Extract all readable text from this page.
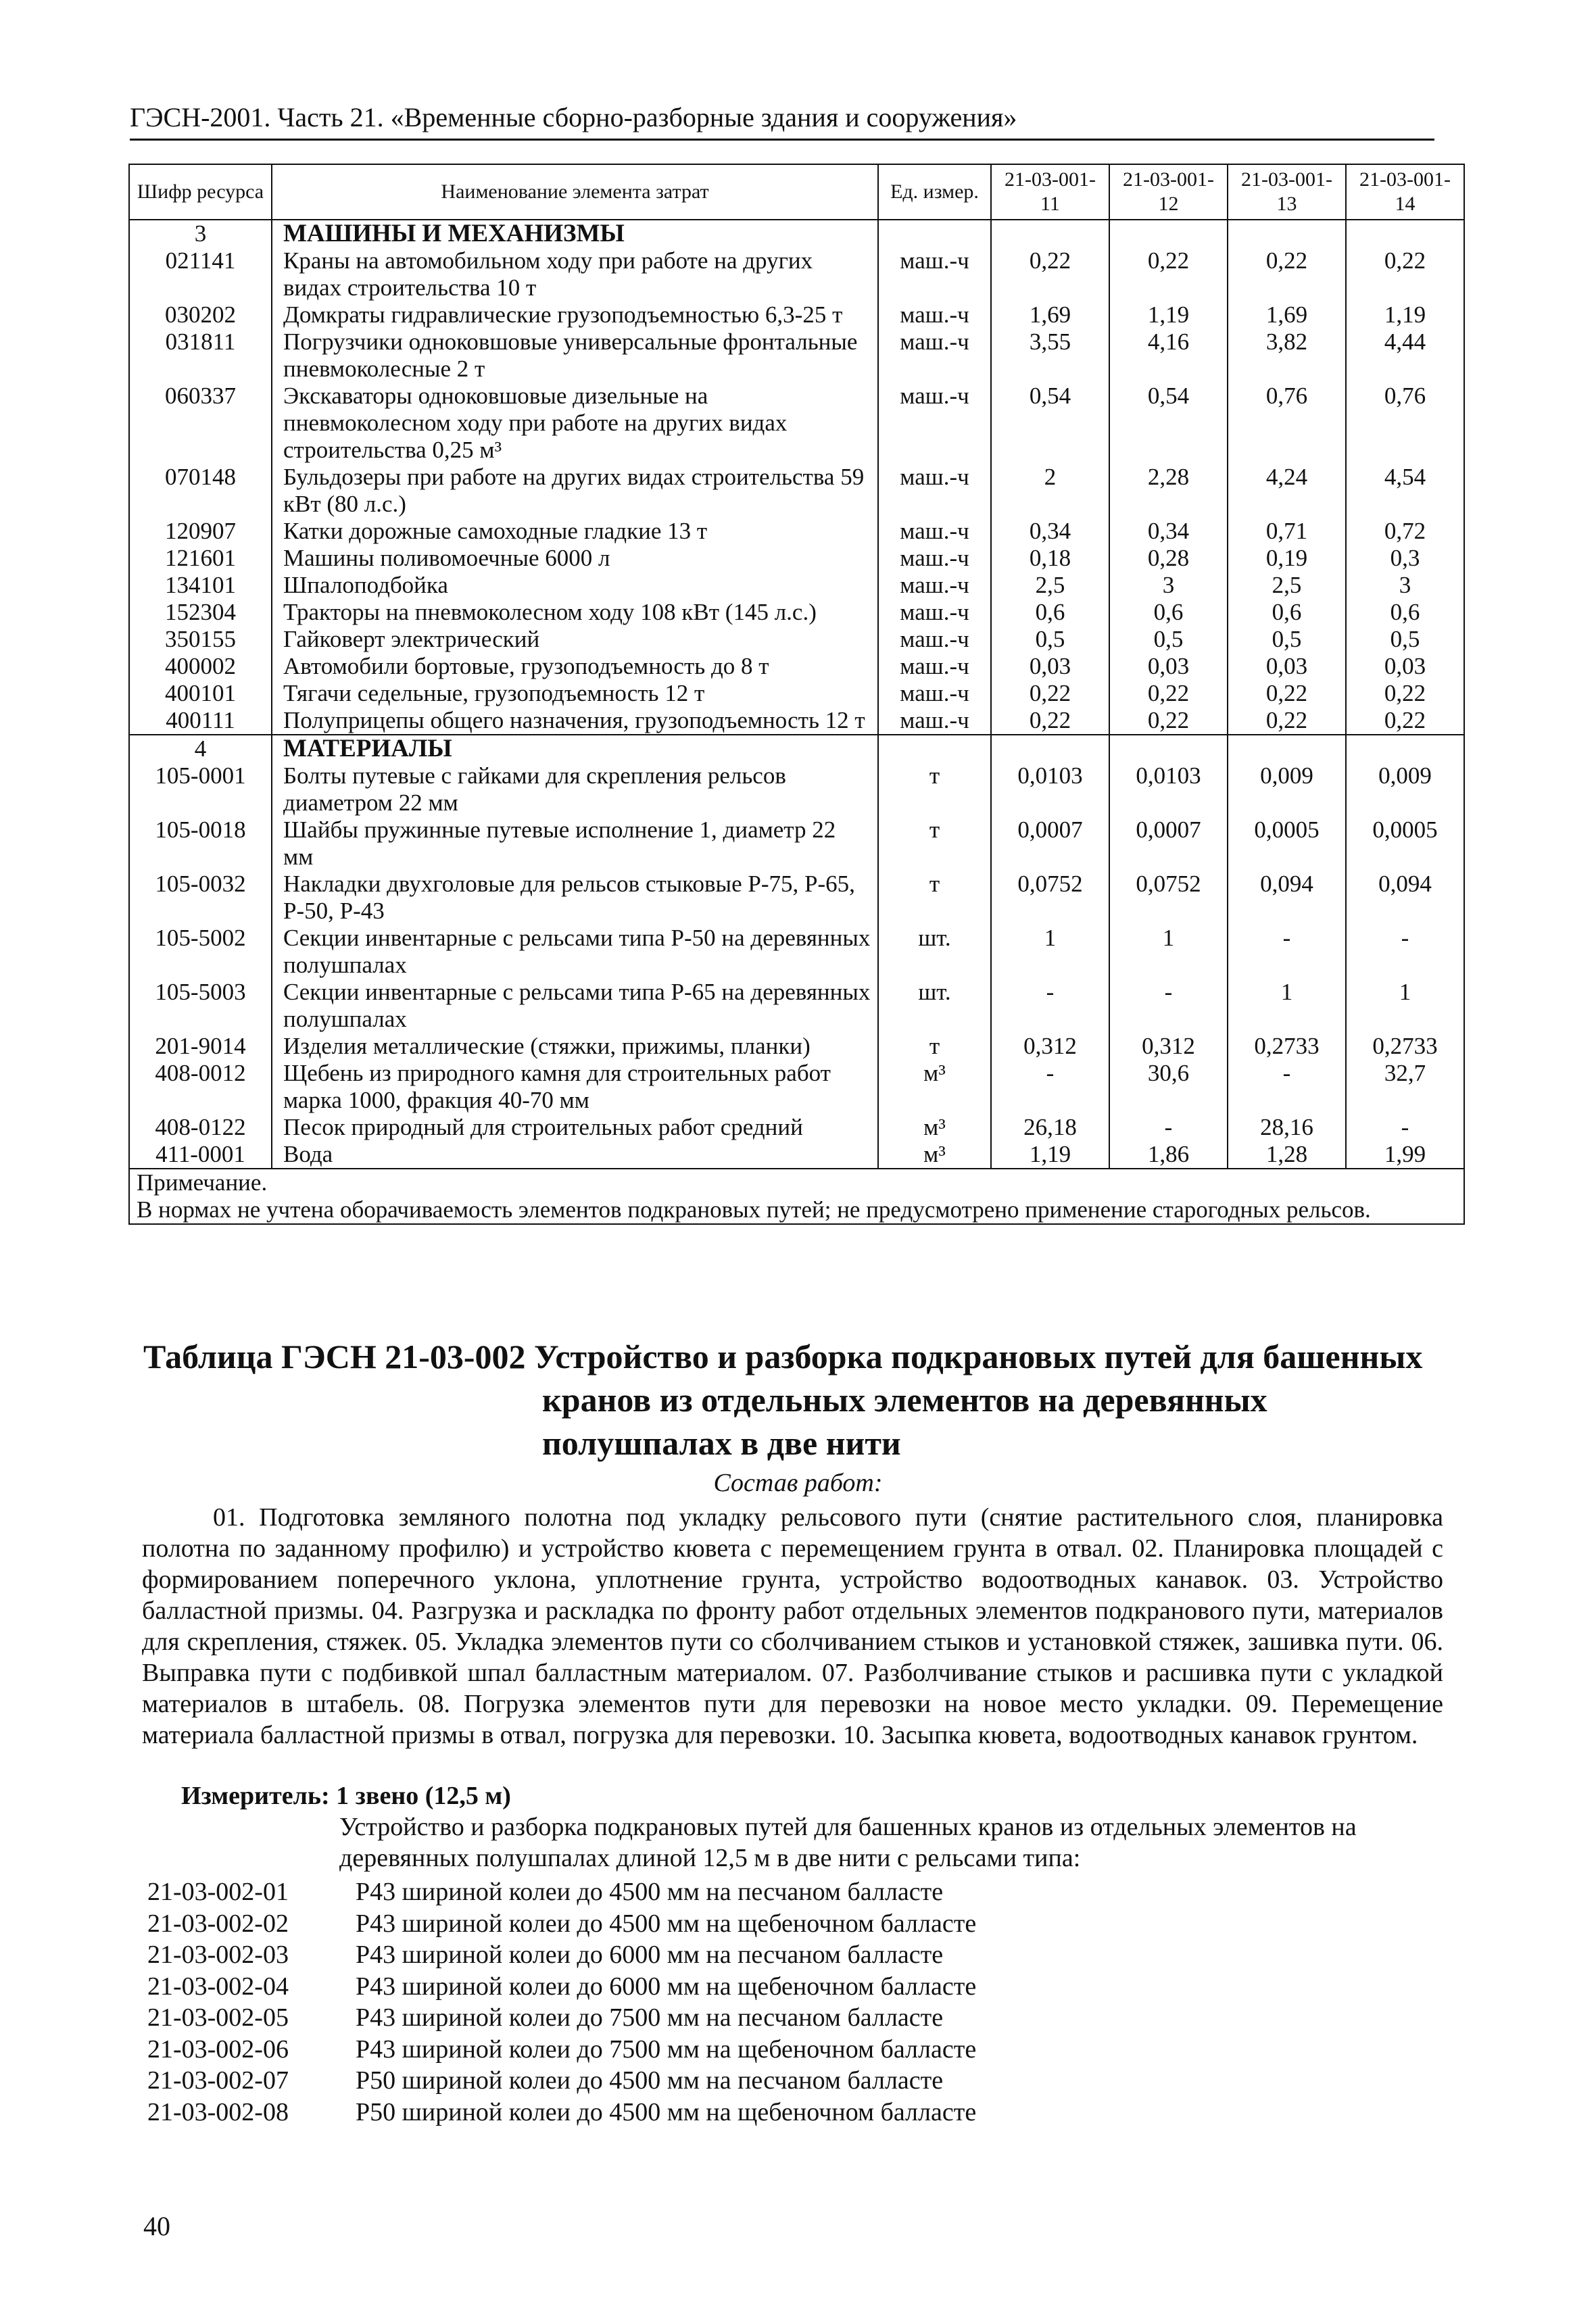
ГЭСН-2001. Часть 21. «Временные сборно-разборные здания и сооружения»
Шифр ресурса	Наименование элемента затрат	Ед. измер.	21-03-001-11	21-03-001-12	21-03-001-13	21-03-001-14
3	МАШИНЫ И МЕХАНИЗМЫ					
021141	Краны на автомобильном ходу при работе на других видах строительства 10 т	маш.-ч	0,22	0,22	0,22	0,22
030202	Домкраты гидравлические грузоподъемностью 6,3-25 т	маш.-ч	1,69	1,19	1,69	1,19
031811	Погрузчики одноковшовые универсальные фронтальные пневмоколесные 2 т	маш.-ч	3,55	4,16	3,82	4,44
060337	Экскаваторы одноковшовые дизельные на пневмоколесном ходу при работе на других видах строительства 0,25 м³	маш.-ч	0,54	0,54	0,76	0,76
070148	Бульдозеры при работе на других видах строительства 59 кВт (80 л.с.)	маш.-ч	2	2,28	4,24	4,54
120907	Катки дорожные самоходные гладкие 13 т	маш.-ч	0,34	0,34	0,71	0,72
121601	Машины поливомоечные 6000 л	маш.-ч	0,18	0,28	0,19	0,3
134101	Шпалоподбойка	маш.-ч	2,5	3	2,5	3
152304	Тракторы на пневмоколесном ходу 108 кВт (145 л.с.)	маш.-ч	0,6	0,6	0,6	0,6
350155	Гайковерт электрический	маш.-ч	0,5	0,5	0,5	0,5
400002	Автомобили бортовые, грузоподъемность до 8 т	маш.-ч	0,03	0,03	0,03	0,03
400101	Тягачи седельные, грузоподъемность 12 т	маш.-ч	0,22	0,22	0,22	0,22
400111	Полуприцепы общего назначения, грузоподъемность 12 т	маш.-ч	0,22	0,22	0,22	0,22
4	МАТЕРИАЛЫ					
105-0001	Болты путевые с гайками для скрепления рельсов диаметром 22 мм	т	0,0103	0,0103	0,009	0,009
105-0018	Шайбы пружинные путевые исполнение 1, диаметр 22 мм	т	0,0007	0,0007	0,0005	0,0005
105-0032	Накладки двухголовые для рельсов стыковые Р-75, Р-65, Р-50, Р-43	т	0,0752	0,0752	0,094	0,094
105-5002	Секции инвентарные с рельсами типа Р-50 на деревянных полушпалах	шт.	1	1	-	-
105-5003	Секции инвентарные с рельсами типа Р-65 на деревянных полушпалах	шт.	-	-	1	1
201-9014	Изделия металлические (стяжки, прижимы, планки)	т	0,312	0,312	0,2733	0,2733
408-0012	Щебень из природного камня для строительных работ марка 1000, фракция 40-70 мм	м³	-	30,6	-	32,7
408-0122	Песок природный для строительных работ средний	м³	26,18	-	28,16	-
411-0001	Вода	м³	1,19	1,86	1,28	1,99

Примечание.
В нормах не учтена оборачиваемость элементов подкрановых путей; не предусмотрено применение старогодных рельсов.						
Таблица ГЭСН 21-03-002 Устройство и разборка подкрановых путей для башенных
кранов из отдельных элементов на деревянных полушпалах в две нити
Состав работ:

01. Подготовка земляного полотна под укладку рельсового пути (снятие растительного слоя, планировка полотна по заданному профилю) и устройство кювета с перемещением грунта в отвал. 02. Планировка площадей с формированием поперечного уклона, уплотнение грунта, устройство водоотводных канавок. 03. Устройство балластной призмы. 04. Разгрузка и раскладка по фронту работ отдельных элементов подкранового пути, материалов для скрепления, стяжек. 05. Укладка элементов пути со сболчиванием стыков и установкой стяжек, зашивка пути. 06. Выправка пути с подбивкой шпал балластным материалом. 07. Разболчивание стыков и расшивка пути с укладкой материалов в штабель. 08. Погрузка элементов пути для перевозки на новое место укладки. 09. Перемещение материала балластной призмы в отвал, погрузка для перевозки. 10. Засыпка кювета, водоотводных канавок грунтом.

Измеритель: 1 звено (12,5 м)
Устройство и разборка подкрановых путей для башенных кранов из отдельных элементов на деревянных полушпалах длиной 12,5 м в две нити с рельсами типа:
21-03-002-01	Р43 шириной колеи до 4500 мм на песчаном балласте
21-03-002-02	Р43 шириной колеи до 4500 мм на щебеночном балласте
21-03-002-03	Р43 шириной колеи до 6000 мм на песчаном балласте
21-03-002-04	Р43 шириной колеи до 6000 мм на щебеночном балласте
21-03-002-05	Р43 шириной колеи до 7500 мм на песчаном балласте
21-03-002-06	Р43 шириной колеи до 7500 мм на щебеночном балласте
21-03-002-07	Р50 шириной колеи до 4500 мм на песчаном балласте
21-03-002-08	Р50 шириной колеи до 4500 мм на щебеночном балласте
40
